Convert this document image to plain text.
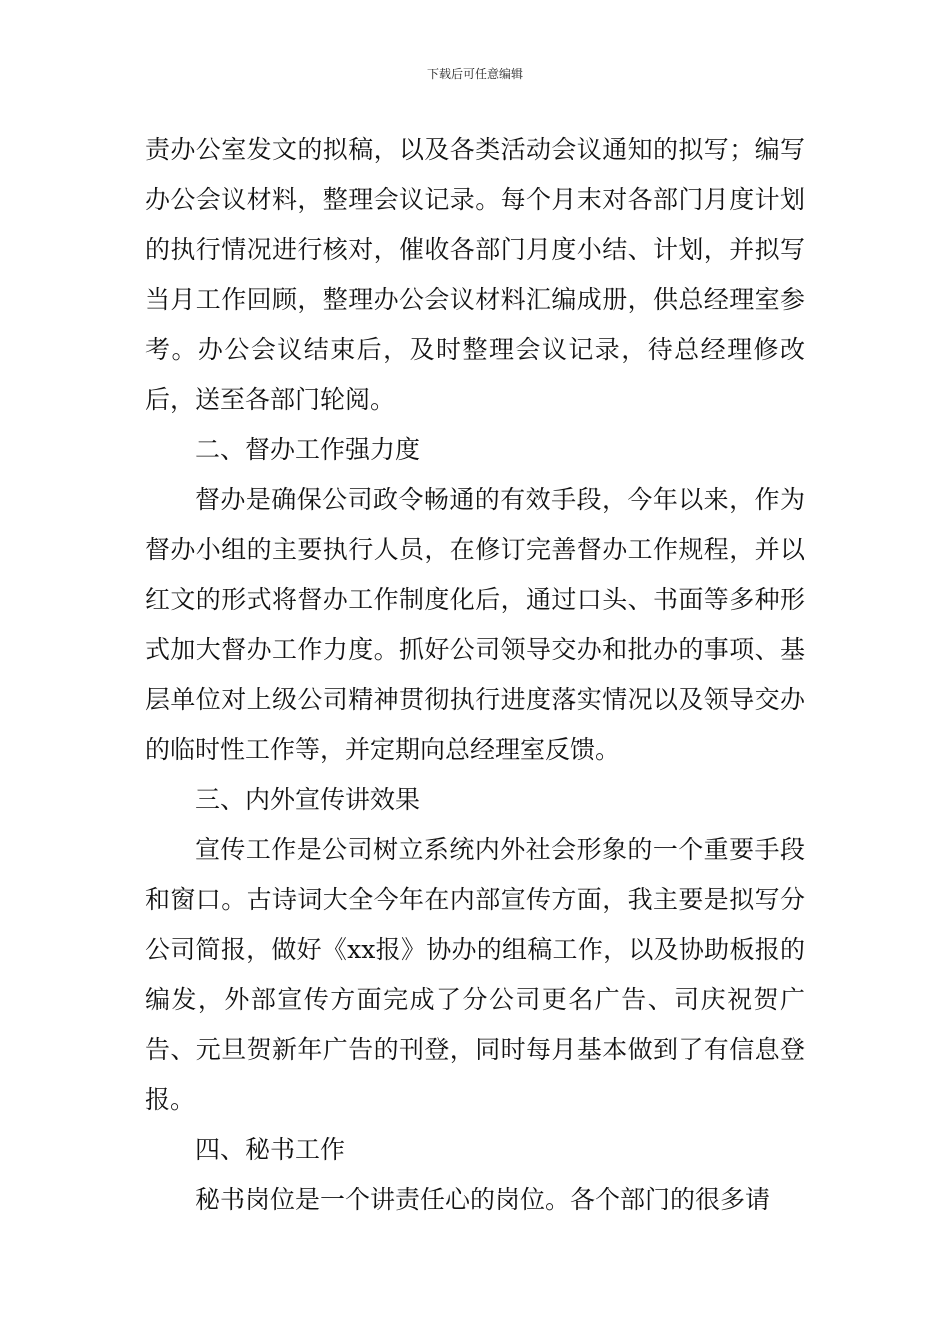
下载后可任意编辑

责办公室发文的拟稿，以及各类活动会议通知的拟写；编写办公会议材料，整理会议记录。每个月末对各部门月度计划的执行情况进行核对，催收各部门月度小结、计划，并拟写当月工作回顾，整理办公会议材料汇编成册，供总经理室参考。办公会议结束后，及时整理会议记录，待总经理修改后，送至各部门轮阅。

二、督办工作强力度

督办是确保公司政令畅通的有效手段，今年以来，作为督办小组的主要执行人员，在修订完善督办工作规程，并以红文的形式将督办工作制度化后，通过口头、书面等多种形式加大督办工作力度。抓好公司领导交办和批办的事项、基层单位对上级公司精神贯彻执行进度落实情况以及领导交办的临时性工作等，并定期向总经理室反馈。

三、内外宣传讲效果

宣传工作是公司树立系统内外社会形象的一个重要手段和窗口。古诗词大全今年在内部宣传方面，我主要是拟写分公司简报，做好《xx报》协办的组稿工作，以及协助板报的编发，外部宣传方面完成了分公司更名广告、司庆祝贺广告、元旦贺新年广告的刊登，同时每月基本做到了有信息登报。

四、秘书工作

秘书岗位是一个讲责任心的岗位。各个部门的很多请
